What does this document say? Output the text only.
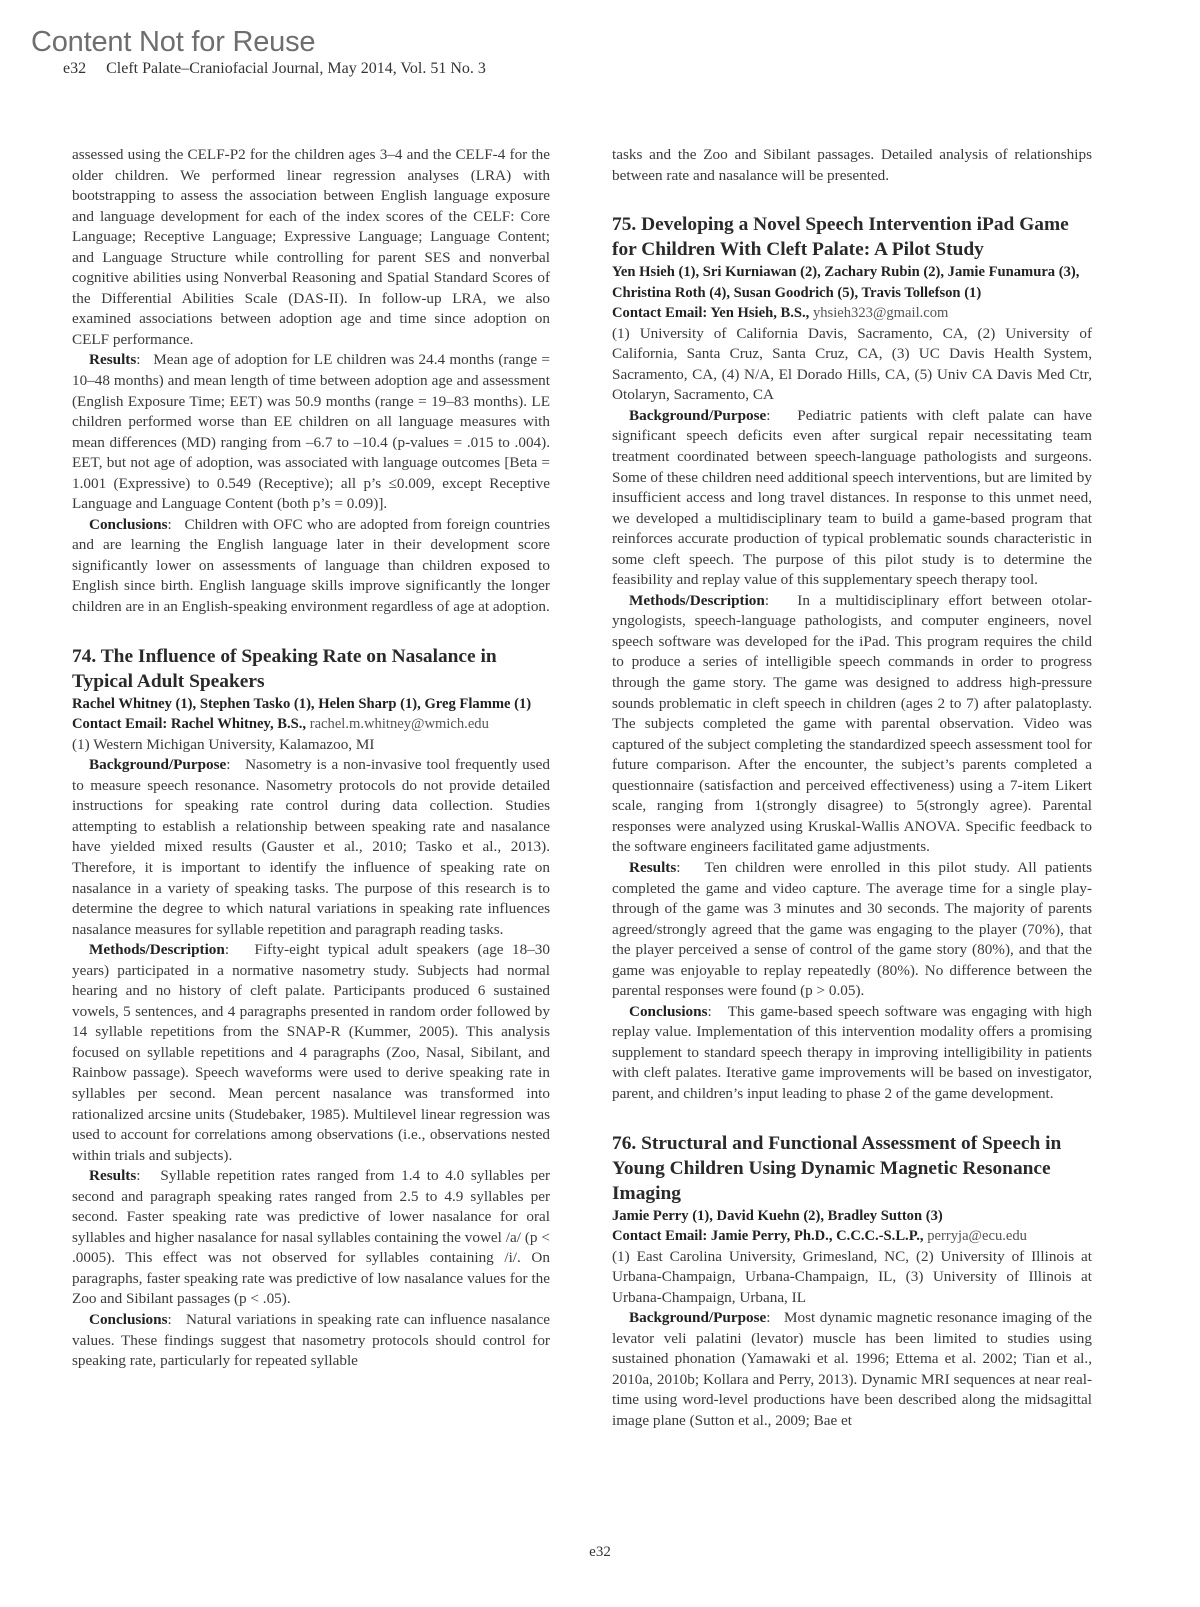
Content Not for Reuse
e32 Cleft Palate–Craniofacial Journal, May 2014, Vol. 51 No. 3

assessed using the CELF-P2 for the children ages 3–4 and the CELF-4 for the older children. We performed linear regression analyses (LRA) with bootstrapping to assess the association between English language exposure and language development for each of the index scores of the CELF: Core Language; Receptive Language; Expressive Language; Language Content; and Language Structure while controlling for parent SES and nonverbal cognitive abilities using Nonverbal Reasoning and Spatial Standard Scores of the Differential Abilities Scale (DAS-II). In follow-up LRA, we also examined associations between adoption age and time since adoption on CELF performance.

Results:   Mean age of adoption for LE children was 24.4 months (range = 10–48 months) and mean length of time between adoption age and assessment (English Exposure Time; EET) was 50.9 months (range = 19–83 months). LE children performed worse than EE children on all language measures with mean differences (MD) ranging from –6.7 to –10.4 (p-values = .015 to .004). EET, but not age of adoption, was associated with language outcomes [Beta = 1.001 (Expressive) to 0.549 (Receptive); all p’s ≤0.009, except Receptive Language and Language Content (both p’s = 0.09)].

Conclusions:   Children with OFC who are adopted from foreign countries and are learning the English language later in their development score significantly lower on assessments of language than children exposed to English since birth. English language skills improve significantly the longer children are in an English-speaking environment regardless of age at adoption.

74. The Influence of Speaking Rate on Nasalance in Typical Adult Speakers
Rachel Whitney (1), Stephen Tasko (1), Helen Sharp (1), Greg Flamme (1)
Contact Email: Rachel Whitney, B.S., rachel.m.whitney@wmich.edu

(1) Western Michigan University, Kalamazoo, MI

Background/Purpose:   Nasometry is a non-invasive tool frequently used to measure speech resonance. Nasometry protocols do not provide detailed instructions for speaking rate control during data collection. Studies attempting to establish a relationship between speaking rate and nasalance have yielded mixed results (Gauster et al., 2010; Tasko et al., 2013). Therefore, it is important to identify the influence of speaking rate on nasalance in a variety of speaking tasks. The purpose of this research is to determine the degree to which natural variations in speaking rate influences nasalance measures for syllable repetition and paragraph reading tasks.

Methods/Description:   Fifty-eight typical adult speakers (age 18–30 years) participated in a normative nasometry study. Subjects had normal hearing and no history of cleft palate. Participants produced 6 sustained vowels, 5 sentences, and 4 paragraphs presented in random order followed by 14 syllable repetitions from the SNAP-R (Kummer, 2005). This analysis focused on syllable repetitions and 4 paragraphs (Zoo, Nasal, Sibilant, and Rainbow passage). Speech waveforms were used to derive speaking rate in syllables per second. Mean percent nasalance was transformed into rationalized arcsine units (Studebaker, 1985). Multilevel linear regression was used to account for correlations among observations (i.e., observations nested within trials and subjects).

Results:   Syllable repetition rates ranged from 1.4 to 4.0 syllables per second and paragraph speaking rates ranged from 2.5 to 4.9 syllables per second. Faster speaking rate was predictive of lower nasalance for oral syllables and higher nasalance for nasal syllables containing the vowel /a/ (p < .0005). This effect was not observed for syllables containing /i/. On paragraphs, faster speaking rate was predictive of low nasalance values for the Zoo and Sibilant passages (p < .05).

Conclusions:   Natural variations in speaking rate can influence nasalance values. These findings suggest that nasometry protocols should control for speaking rate, particularly for repeated syllable

tasks and the Zoo and Sibilant passages. Detailed analysis of relationships between rate and nasalance will be presented.

75. Developing a Novel Speech Intervention iPad Game for Children With Cleft Palate: A Pilot Study
Yen Hsieh (1), Sri Kurniawan (2), Zachary Rubin (2), Jamie Funamura (3), Christina Roth (4), Susan Goodrich (5), Travis Tollefson (1)
Contact Email: Yen Hsieh, B.S., yhsieh323@gmail.com

(1) University of California Davis, Sacramento, CA, (2) University of California, Santa Cruz, Santa Cruz, CA, (3) UC Davis Health System, Sacramento, CA, (4) N/A, El Dorado Hills, CA, (5) Univ CA Davis Med Ctr, Otolaryn, Sacramento, CA

Background/Purpose:   Pediatric patients with cleft palate can have significant speech deficits even after surgical repair necessitating team treatment coordinated between speech-language pathologists and surgeons. Some of these children need additional speech interventions, but are limited by insufficient access and long travel distances. In response to this unmet need, we developed a multidisciplinary team to build a game-based program that reinforces accurate production of typical problematic sounds characteristic in some cleft speech. The purpose of this pilot study is to determine the feasibility and replay value of this supplementary speech therapy tool.

Methods/Description:   In a multidisciplinary effort between otolaryngologists, speech-language pathologists, and computer engineers, novel speech software was developed for the iPad. This program requires the child to produce a series of intelligible speech commands in order to progress through the game story. The game was designed to address high-pressure sounds problematic in cleft speech in children (ages 2 to 7) after palatoplasty. The subjects completed the game with parental observation. Video was captured of the subject completing the standardized speech assessment tool for future comparison. After the encounter, the subject’s parents completed a questionnaire (satisfaction and perceived effectiveness) using a 7-item Likert scale, ranging from 1(strongly disagree) to 5(strongly agree). Parental responses were analyzed using Kruskal-Wallis ANOVA. Specific feedback to the software engineers facilitated game adjustments.

Results:   Ten children were enrolled in this pilot study. All patients completed the game and video capture. The average time for a single play-through of the game was 3 minutes and 30 seconds. The majority of parents agreed/strongly agreed that the game was engaging to the player (70%), that the player perceived a sense of control of the game story (80%), and that the game was enjoyable to replay repeatedly (80%). No difference between the parental responses were found (p > 0.05).

Conclusions:   This game-based speech software was engaging with high replay value. Implementation of this intervention modality offers a promising supplement to standard speech therapy in improving intelligibility in patients with cleft palates. Iterative game improvements will be based on investigator, parent, and children’s input leading to phase 2 of the game development.

76. Structural and Functional Assessment of Speech in Young Children Using Dynamic Magnetic Resonance Imaging
Jamie Perry (1), David Kuehn (2), Bradley Sutton (3)
Contact Email: Jamie Perry, Ph.D., C.C.C.-S.L.P., perryja@ecu.edu

(1) East Carolina University, Grimesland, NC, (2) University of Illinois at Urbana-Champaign, Urbana-Champaign, IL, (3) University of Illinois at Urbana-Champaign, Urbana, IL

Background/Purpose:   Most dynamic magnetic resonance imaging of the levator veli palatini (levator) muscle has been limited to studies using sustained phonation (Yamawaki et al. 1996; Ettema et al. 2002; Tian et al., 2010a, 2010b; Kollara and Perry, 2013). Dynamic MRI sequences at near real-time using word-level productions have been described along the midsagittal image plane (Sutton et al., 2009; Bae et

e32
